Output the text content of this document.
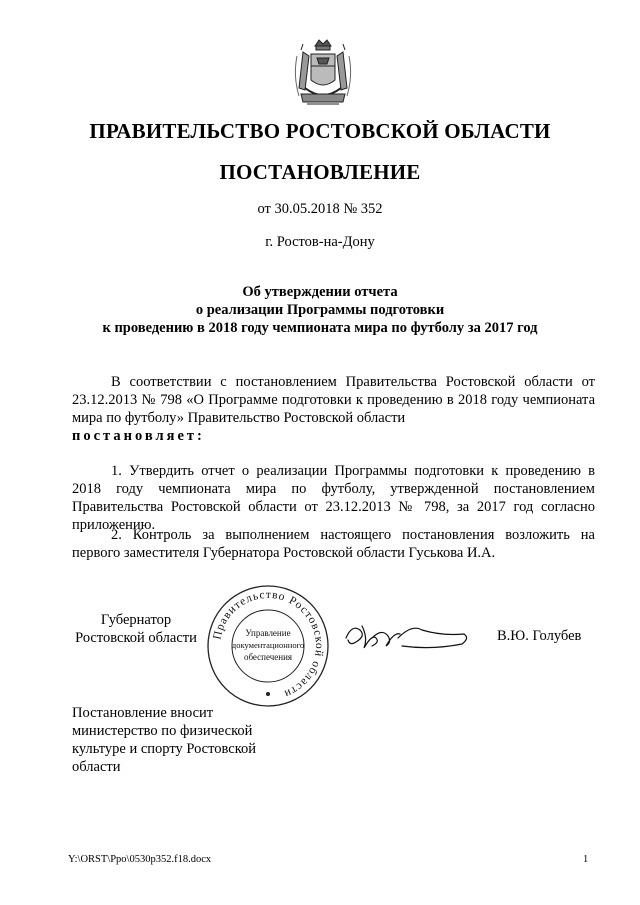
ПРАВИТЕЛЬСТВО РОСТОВСКОЙ ОБЛАСТИ
ПОСТАНОВЛЕНИЕ
от 30.05.2018 № 352
г. Ростов-на-Дону
Об утверждении отчета
о реализации Программы подготовки
к проведению в 2018 году чемпионата мира по футболу за 2017 год
В соответствии с постановлением Правительства Ростовской области от 23.12.2013 № 798 «О Программе подготовки к проведению в 2018 году чемпионата мира по футболу» Правительство Ростовской области
постановляет:
1. Утвердить отчет о реализации Программы подготовки к проведению в 2018 году чемпионата мира по футболу, утвержденной постановлением Правительства Ростовской области от 23.12.2013 № 798, за 2017 год согласно приложению.
2. Контроль за выполнением настоящего постановления возложить на первого заместителя Губернатора Ростовской области Гуськова И.А.
Губернатор
Ростовской области Правительство Ростовской области
Управление
документационного
обеспечения
В.Ю. Голубев
Постановление вносит
министерство по физической
культуре и спорту Ростовской
области
Y:\ORST\Ppo\0530p352.f18.docx	1
